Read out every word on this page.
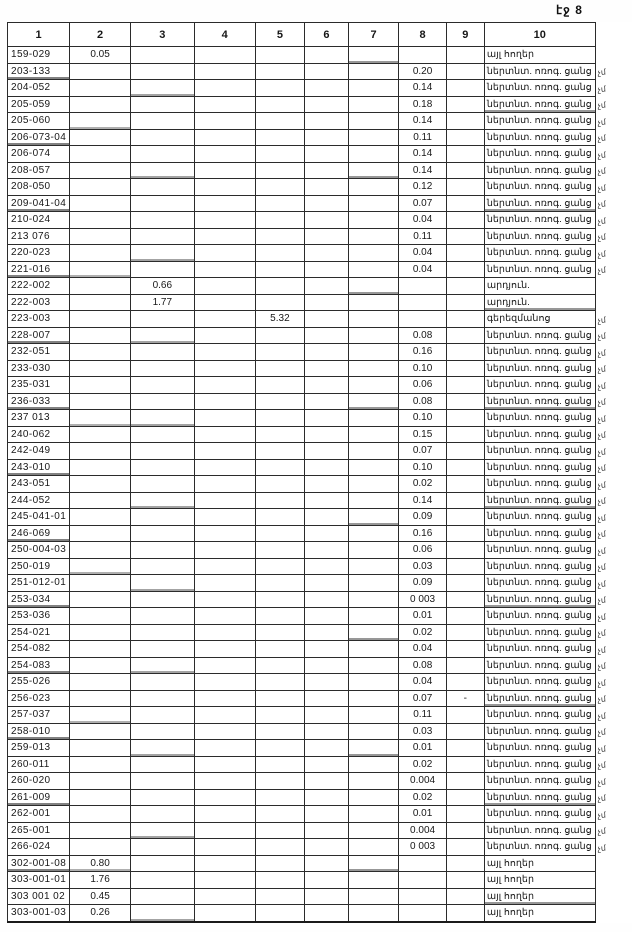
էջ 8
1	2	3	4	5	6	7	8	9	10	
159-029	0.05								այլ հողեր	
203-133							0.20		ներտնտ. ոռոգ. ցանց	չմ
204-052							0.14		ներտնտ. ոռոգ. ցանց	չմ
205-059							0.18		ներտնտ. ոռոգ. ցանց	չմ
205-060							0.14		ներտնտ. ոռոգ. ցանց	չմ
206-073-04							0.11		ներտնտ. ոռոգ. ցանց	չմ
206-074							0.14		ներտնտ. ոռոգ. ցանց	չմ
208-057							0.14		ներտնտ. ոռոգ. ցանց	չմ
208-050							0.12		ներտնտ. ոռոգ. ցանց	չմ
209-041-04							0.07		ներտնտ. ոռոգ. ցանց	չմ
210-024							0.04		ներտնտ. ոռոգ. ցանց	չմ
213 076							0.11		ներտնտ. ոռոգ. ցանց	չմ
220-023							0.04		ներտնտ. ոռոգ. ցանց	չմ
221-016							0.04		ներտնտ. ոռոգ. ցանց	չմ
222-002		0.66							արդյուն.	
222-003		1.77							արդյուն.	
223-003				5.32					գերեզմանոց	չմ
228-007							0.08		ներտնտ. ոռոգ. ցանց	չմ
232-051							0.16		ներտնտ. ոռոգ. ցանց	չմ
233-030							0.10		ներտնտ. ոռոգ. ցանց	չմ
235-031							0.06		ներտնտ. ոռոգ. ցանց	չմ
236-033							0.08		ներտնտ. ոռոգ. ցանց	չմ
237 013							0.10		ներտնտ. ոռոգ. ցանց	չմ
240-062							0.15		ներտնտ. ոռոգ. ցանց	չմ
242-049							0.07		ներտնտ. ոռոգ. ցանց	չմ
243-010							0.10		ներտնտ. ոռոգ. ցանց	չմ
243-051							0.02		ներտնտ. ոռոգ. ցանց	չմ
244-052							0.14		ներտնտ. ոռոգ. ցանց	չմ
245-041-01							0.09		ներտնտ. ոռոգ. ցանց	չմ
246-069							0.16		ներտնտ. ոռոգ. ցանց	չմ
250-004-03							0.06		ներտնտ. ոռոգ. ցանց	չմ
250-019							0.03		ներտնտ. ոռոգ. ցանց	չմ
251-012-01							0.09		ներտնտ. ոռոգ. ցանց	չմ
253-034							0 003		ներտնտ. ոռոգ. ցանց	չմ
253-036							0.01		ներտնտ. ոռոգ. ցանց	չմ
254-021							0.02		ներտնտ. ոռոգ. ցանց	չմ
254-082							0.04		ներտնտ. ոռոգ. ցանց	չմ
254-083							0.08		ներտնտ. ոռոգ. ցանց	չմ
255-026							0.04		ներտնտ. ոռոգ. ցանց	չմ
256-023							0.07	-	ներտնտ. ոռոգ. ցանց	չմ
257-037							0.11		ներտնտ. ոռոգ. ցանց	չմ
258-010							0.03		ներտնտ. ոռոգ. ցանց	չմ
259-013							0.01		ներտնտ. ոռոգ. ցանց	չմ
260-011							0.02		ներտնտ. ոռոգ. ցանց	չմ
260-020							0.004		ներտնտ. ոռոգ. ցանց	չմ
261-009							0.02		ներտնտ. ոռոգ. ցանց	չմ
262-001							0.01		ներտնտ. ոռոգ. ցանց	չմ
265-001							0.004		ներտնտ. ոռոգ. ցանց	չմ
266-024							0 003		ներտնտ. ոռոգ. ցանց	չմ
302-001-08	0.80								այլ հողեր	
303-001-01	1.76								այլ հողեր	
303 001 02	0.45								այլ հողեր	
303-001-03	0.26								այլ հողեր	
